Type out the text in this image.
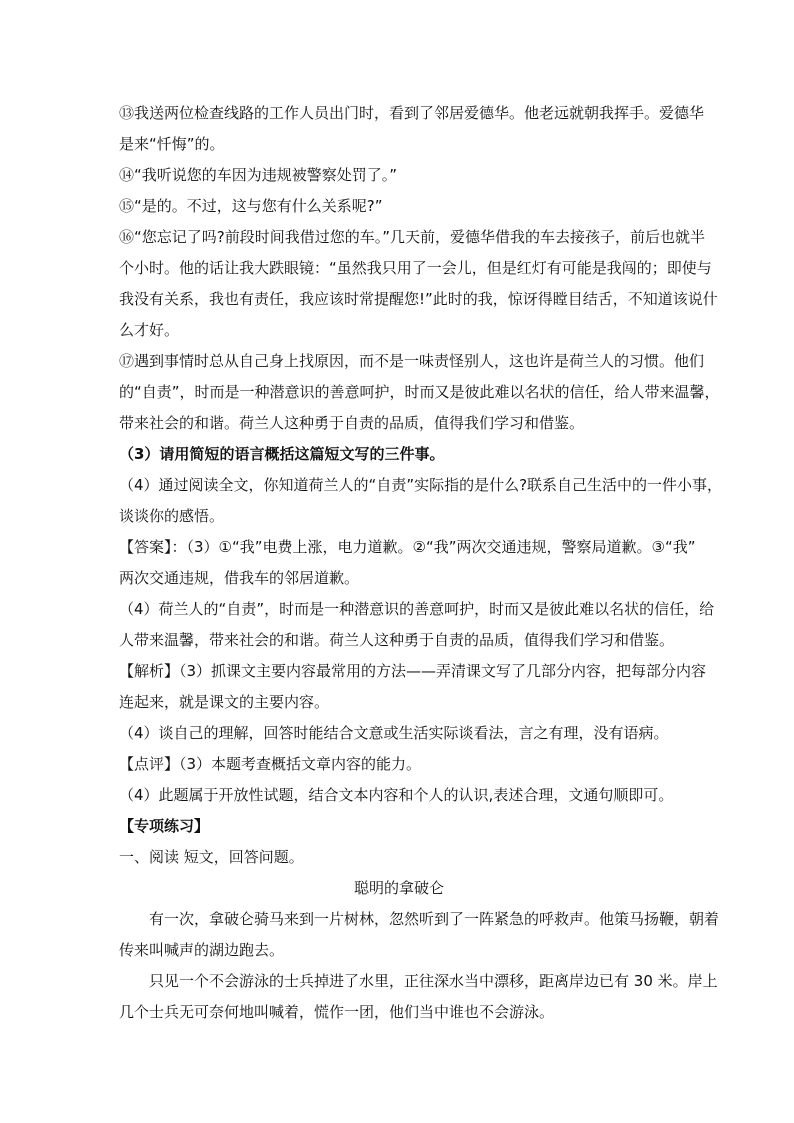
⑬我送两位检查线路的工作人员出门时，看到了邻居爱德华。他老远就朝我挥手。爱德华

是来“忏悔”的。

⑭“我听说您的车因为违规被警察处罚了。”

⑮“是的。不过，这与您有什么关系呢?”

⑯“您忘记了吗?前段时间我借过您的车。”几天前，爱德华借我的车去接孩子，前后也就半

个小时。他的话让我大跌眼镜：“虽然我只用了一会儿，但是红灯有可能是我闯的；即使与

我没有关系，我也有责任，我应该时常提醒您!”此时的我，惊讶得瞠目结舌，不知道该说什

么才好。

⑰遇到事情时总从自己身上找原因，而不是一味责怪别人，这也许是荷兰人的习惯。他们

的“自责”，时而是一种潜意识的善意呵护，时而又是彼此难以名状的信任，给人带来温馨，

带来社会的和谐。荷兰人这种勇于自责的品质，值得我们学习和借鉴。

（3）请用简短的语言概括这篇短文写的三件事。

（4）通过阅读全文，你知道荷兰人的“自责”实际指的是什么?联系自己生活中的一件小事，

谈谈你的感悟。

【答案】：（3）①“我”电费上涨，电力道歉。②“我”两次交通违规，警察局道歉。③“我”

两次交通违规，借我车的邻居道歉。

（4）荷兰人的“自责”，时而是一种潜意识的善意呵护，时而又是彼此难以名状的信任，给

人带来温馨，带来社会的和谐。荷兰人这种勇于自责的品质，值得我们学习和借鉴。

【解析】（3）抓课文主要内容最常用的方法——弄清课文写了几部分内容，把每部分内容

连起来，就是课文的主要内容。

（4）谈自己的理解，回答时能结合文意或生活实际谈看法，言之有理，没有语病。

【点评】（3）本题考查概括文章内容的能力。

（4）此题属于开放性试题，结合文本内容和个人的认识,表述合理，文通句顺即可。

【专项练习】

一、阅读 短文，回答问题。

聪明的拿破仑

有一次，拿破仑骑马来到一片树林，忽然听到了一阵紧急的呼救声。他策马扬鞭，朝着

传来叫喊声的湖边跑去。

只见一个不会游泳的士兵掉进了水里，正往深水当中漂移，距离岸边已有 30 米。岸上

几个士兵无可奈何地叫喊着，慌作一团，他们当中谁也不会游泳。
